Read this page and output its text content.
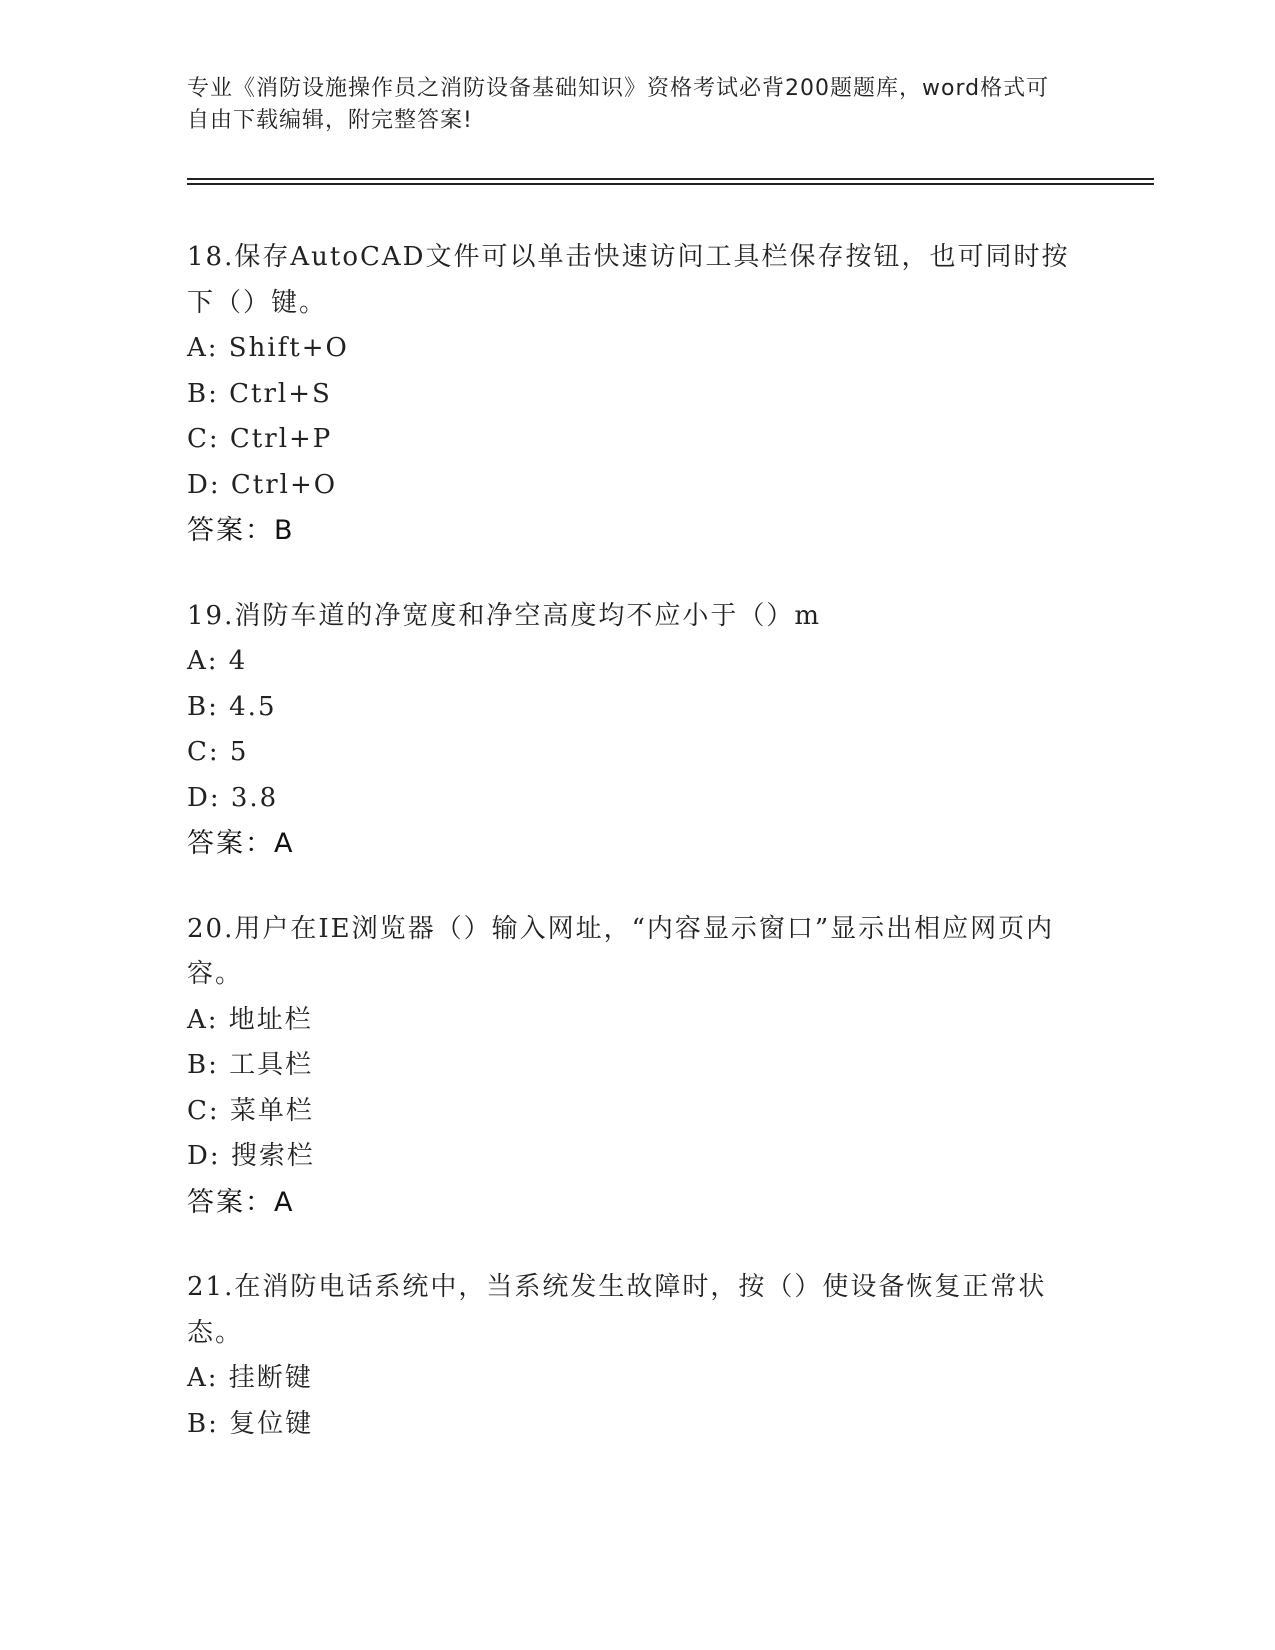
专业《消防设施操作员之消防设备基础知识》资格考试必背200题题库，word格式可自由下载编辑，附完整答案!
18.保存AutoCAD文件可以单击快速访问工具栏保存按钮，也可同时按下（）键。
A: Shift+O
B: Ctrl+S
C: Ctrl+P
D: Ctrl+O
答案：B
19.消防车道的净宽度和净空高度均不应小于（）m
A: 4
B: 4.5
C: 5
D: 3.8
答案：A
20.用户在IE浏览器（）输入网址，“内容显示窗口”显示出相应网页内容。
A: 地址栏
B: 工具栏
C: 菜单栏
D: 搜索栏
答案：A
21.在消防电话系统中，当系统发生故障时，按（）使设备恢复正常状态。
A: 挂断键
B: 复位键
